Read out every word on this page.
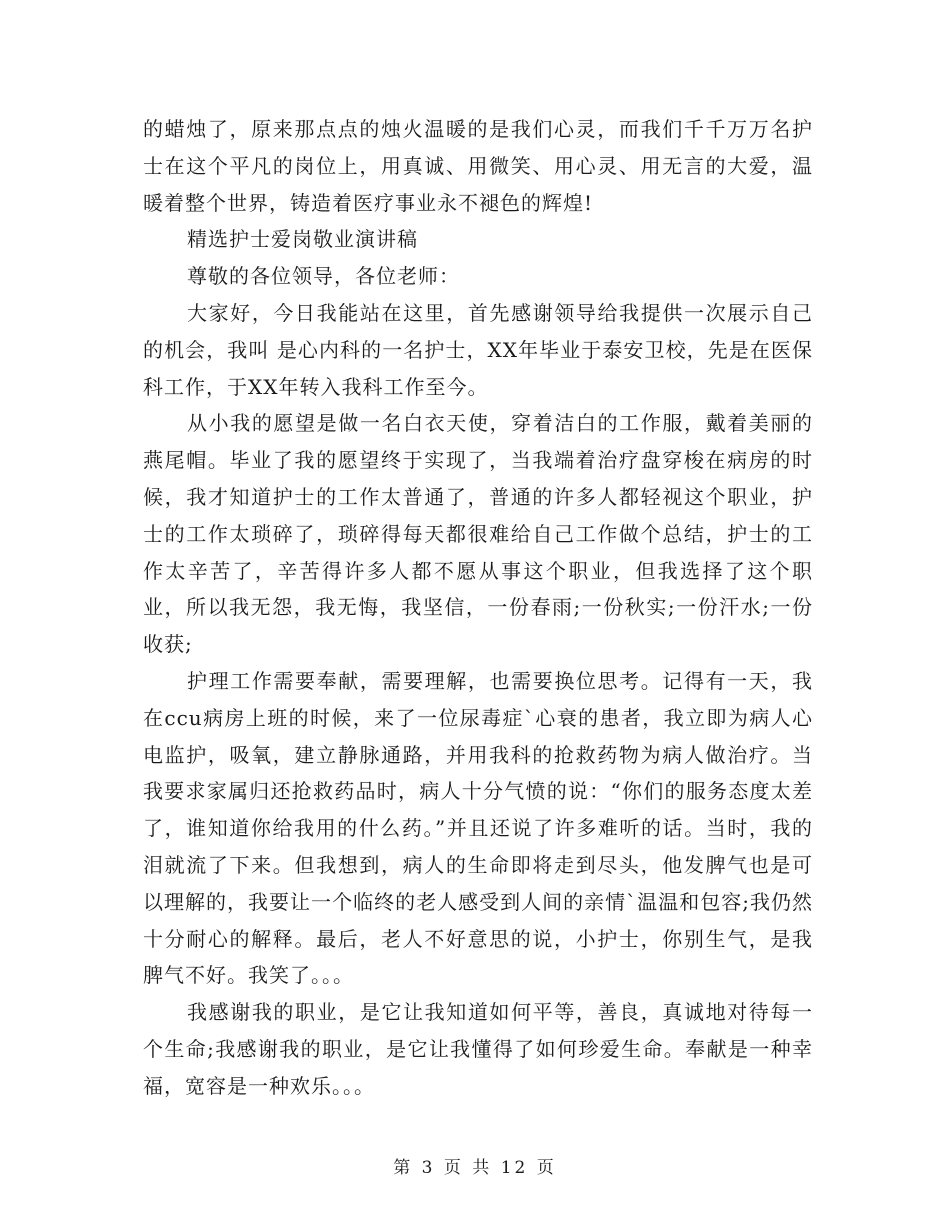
的蜡烛了，原来那点点的烛火温暖的是我们心灵，而我们千千万万名护士在这个平凡的岗位上，用真诚、用微笑、用心灵、用无言的大爱，温暖着整个世界，铸造着医疗事业永不褪色的辉煌!

精选护士爱岗敬业演讲稿

尊敬的各位领导，各位老师：

大家好，今日我能站在这里，首先感谢领导给我提供一次展示自己的机会，我叫 是心内科的一名护士，XX年毕业于泰安卫校，先是在医保科工作，于XX年转入我科工作至今。

从小我的愿望是做一名白衣天使，穿着洁白的工作服，戴着美丽的燕尾帽。毕业了我的愿望终于实现了，当我端着治疗盘穿梭在病房的时候，我才知道护士的工作太普通了，普通的许多人都轻视这个职业，护士的工作太琐碎了，琐碎得每天都很难给自己工作做个总结，护士的工作太辛苦了，辛苦得许多人都不愿从事这个职业，但我选择了这个职业，所以我无怨，我无悔，我坚信，一份春雨;一份秋实;一份汗水;一份收获;

护理工作需要奉献，需要理解，也需要换位思考。记得有一天，我在ccu病房上班的时候，来了一位尿毒症`心衰的患者，我立即为病人心电监护，吸氧，建立静脉通路，并用我科的抢救药物为病人做治疗。当我要求家属归还抢救药品时，病人十分气愤的说：“你们的服务态度太差了，谁知道你给我用的什么药。”并且还说了许多难听的话。当时，我的泪就流了下来。但我想到，病人的生命即将走到尽头，他发脾气也是可以理解的，我要让一个临终的老人感受到人间的亲情`温温和包容;我仍然十分耐心的解释。最后，老人不好意思的说，小护士，你别生气，是我脾气不好。我笑了。。。

我感谢我的职业，是它让我知道如何平等，善良，真诚地对待每一个生命;我感谢我的职业，是它让我懂得了如何珍爱生命。奉献是一种幸福，宽容是一种欢乐。。。

第 3 页 共 12 页
